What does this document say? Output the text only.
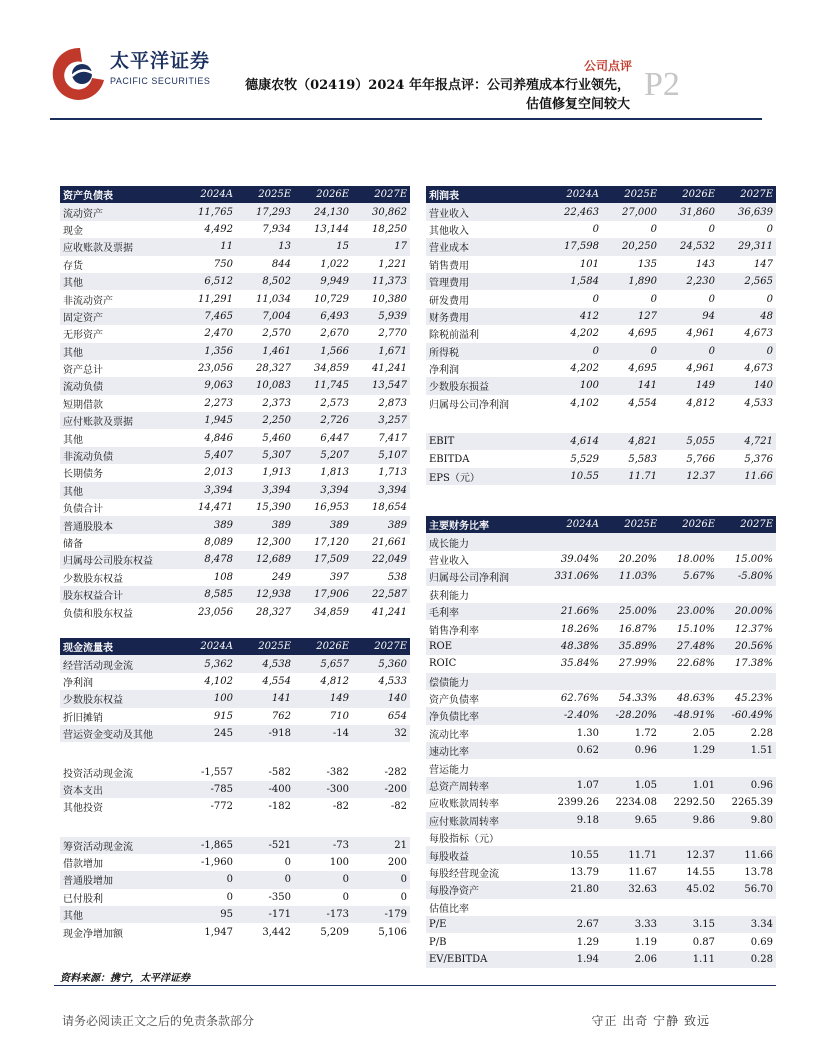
太平洋证券
PACIFIC SECURITIES
公司点评
德康农牧（02419）2024 年年报点评：公司养殖成本行业领先，
估值修复空间较大
P2
资产负债表	2024A	2025E	2026E	2027E
流动资产	11,765	17,293	24,130	30,862
现金	4,492	7,934	13,144	18,250
应收账款及票据	11	13	15	17
存货	750	844	1,022	1,221
其他	6,512	8,502	9,949	11,373
非流动资产	11,291	11,034	10,729	10,380
固定资产	7,465	7,004	6,493	5,939
无形资产	2,470	2,570	2,670	2,770
其他	1,356	1,461	1,566	1,671
资产总计	23,056	28,327	34,859	41,241
流动负债	9,063	10,083	11,745	13,547
短期借款	2,273	2,373	2,573	2,873
应付账款及票据	1,945	2,250	2,726	3,257
其他	4,846	5,460	6,447	7,417
非流动负债	5,407	5,307	5,207	5,107
长期债务	2,013	1,913	1,813	1,713
其他	3,394	3,394	3,394	3,394
负债合计	14,471	15,390	16,953	18,654
普通股股本	389	389	389	389
储备	8,089	12,300	17,120	21,661
归属母公司股东权益	8,478	12,689	17,509	22,049
少数股东权益	108	249	397	538
股东权益合计	8,585	12,938	17,906	22,587
负债和股东权益	23,056	28,327	34,859	41,241
现金流量表	2024A	2025E	2026E	2027E
经营活动现金流	5,362	4,538	5,657	5,360
净利润	4,102	4,554	4,812	4,533
少数股东权益	100	141	149	140
折旧摊销	915	762	710	654
营运资金变动及其他	245	-918	-14	32

投资活动现金流	-1,557	-582	-382	-282
资本支出	-785	-400	-300	-200
其他投资	-772	-182	-82	-82

筹资活动现金流	-1,865	-521	-73	21
借款增加	-1,960	0	100	200
普通股增加	0	0	0	0
已付股利	0	-350	0	0
其他	95	-171	-173	-179
现金净增加额	1,947	3,442	5,209	5,106
利润表	2024A	2025E	2026E	2027E
营业收入	22,463	27,000	31,860	36,639
其他收入	0	0	0	0
营业成本	17,598	20,250	24,532	29,311
销售费用	101	135	143	147
管理费用	1,584	1,890	2,230	2,565
研发费用	0	0	0	0
财务费用	412	127	94	48
除税前溢利	4,202	4,695	4,961	4,673
所得税	0	0	0	0
净利润	4,202	4,695	4,961	4,673
少数股东损益	100	141	149	140
归属母公司净利润	4,102	4,554	4,812	4,533

EBIT	4,614	4,821	5,055	4,721
EBITDA	5,529	5,583	5,766	5,376
EPS（元）	10.55	11.71	12.37	11.66
主要财务比率	2024A	2025E	2026E	2027E
成长能力				
营业收入	39.04%	20.20%	18.00%	15.00%
归属母公司净利润	331.06%	11.03%	5.67%	-5.80%
获利能力				
毛利率	21.66%	25.00%	23.00%	20.00%
销售净利率	18.26%	16.87%	15.10%	12.37%
ROE	48.38%	35.89%	27.48%	20.56%
ROIC	35.84%	27.99%	22.68%	17.38%
偿债能力				
资产负债率	62.76%	54.33%	48.63%	45.23%
净负债比率	-2.40%	-28.20%	-48.91%	-60.49%
流动比率	1.30	1.72	2.05	2.28
速动比率	0.62	0.96	1.29	1.51
营运能力				
总资产周转率	1.07	1.05	1.01	0.96
应收账款周转率	2399.26	2234.08	2292.50	2265.39
应付账款周转率	9.18	9.65	9.86	9.80
每股指标（元）				
每股收益	10.55	11.71	12.37	11.66
每股经营现金流	13.79	11.67	14.55	13.78
每股净资产	21.80	32.63	45.02	56.70
估值比率				
P/E	2.67	3.33	3.15	3.34
P/B	1.29	1.19	0.87	0.69
EV/EBITDA	1.94	2.06	1.11	0.28
资料来源：携宁，太平洋证券
请务必阅读正文之后的免责条款部分	守正 出奇 宁静 致远
